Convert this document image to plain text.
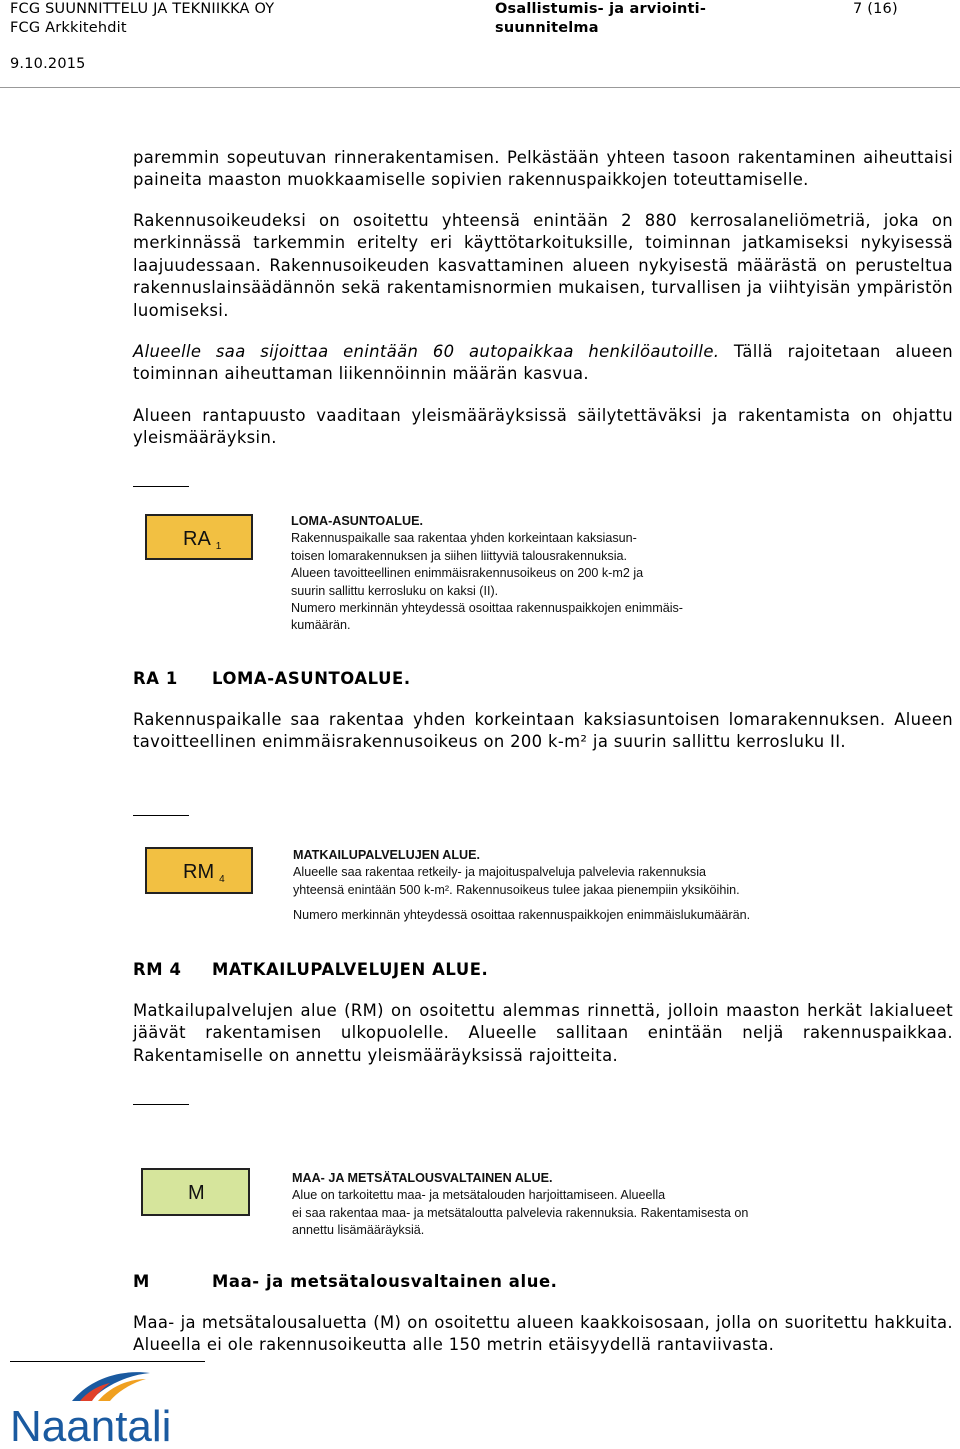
FCG SUUNNITTELU JA TEKNIIKKA OY
FCG Arkkitehdit
9.10.2015
Osallistumis- ja arviointi-
suunnitelma
7 (16)

paremmin sopeutuvan rinnerakentamisen. Pelkästään yhteen tasoon rakentaminen aiheuttaisi paineita maaston muokkaamiselle sopivien rakennuspaikkojen toteuttamiselle.

Rakennusoikeudeksi on osoitettu yhteensä enintään 2 880 kerrosalaneliömetriä, joka on merkinnässä tarkemmin eritelty eri käyttötarkoituksille, toiminnan jatkamiseksi nykyisessä laajuudessaan. Rakennusoikeuden kasvattaminen alueen nykyisestä määrästä on perusteltua rakennuslainsäädännön sekä rakentamisnormien mukaisen, turvallisen ja viihtyisän ympäristön luomiseksi.

Alueelle saa sijoittaa enintään 60 autopaikkaa henkilöautoille. Tällä rajoitetaan alueen toiminnan aiheuttaman liikennöinnin määrän kasvua.

Alueen rantapuusto vaaditaan yleismääräyksissä säilytettäväksi ja rakentamista on ohjattu yleismääräyksin.

RA $_1$
LOMA-ASUNTOALUE.
Rakennuspaikalle saa rakentaa yhden korkeintaan kaksiasun-
toisen lomarakennuksen ja siihen liittyviä talousrakennuksia.
Alueen tavoitteellinen enimmäisrakennusoikeus on 200 k-m2 ja
suurin sallittu kerrosluku on kaksi (II).
Numero merkinnän yhteydessä osoittaa rakennuspaikkojen enimmäis-
kumäärän.
RA 1 LOMA-ASUNTOALUE.

Rakennuspaikalle saa rakentaa yhden korkeintaan kaksiasuntoisen lomarakennuksen. Alueen tavoitteellinen enimmäisrakennusoikeus on 200 k-m² ja suurin sallittu kerrosluku II.

RM $_4$
MATKAILUPALVELUJEN ALUE.
Alueelle saa rakentaa retkeily- ja majoituspalveluja palvelevia rakennuksia
yhteensä enintään 500 k-m². Rakennusoikeus tulee jakaa pienempiin yksiköihin.
Numero merkinnän yhteydessä osoittaa rakennuspaikkojen enimmäislukumäärän.
RM 4 MATKAILUPALVELUJEN ALUE.

Matkailupalvelujen alue (RM) on osoitettu alemmas rinnettä, jolloin maaston herkät lakialueet jäävät rakentamisen ulkopuolelle. Alueelle sallitaan enintään neljä rakennuspaikkaa. Rakentamiselle on annettu yleismääräyksissä rajoitteita.

M
MAA- JA METSÄTALOUSVALTAINEN ALUE.
Alue on tarkoitettu maa- ja metsätalouden harjoittamiseen. Alueella
ei saa rakentaa maa- ja metsätaloutta palvelevia rakennuksia. Rakentamisesta on
annettu lisämääräyksiä.
M	Maa- ja metsätalousvaltainen alue.

Maa- ja metsätalousaluetta (M) on osoitettu alueen kaakkoisosaan, jolla on suoritettu hakkuita. Alueella ei ole rakennusoikeutta alle 150 metrin etäisyydellä rantaviivasta.

Naantali
